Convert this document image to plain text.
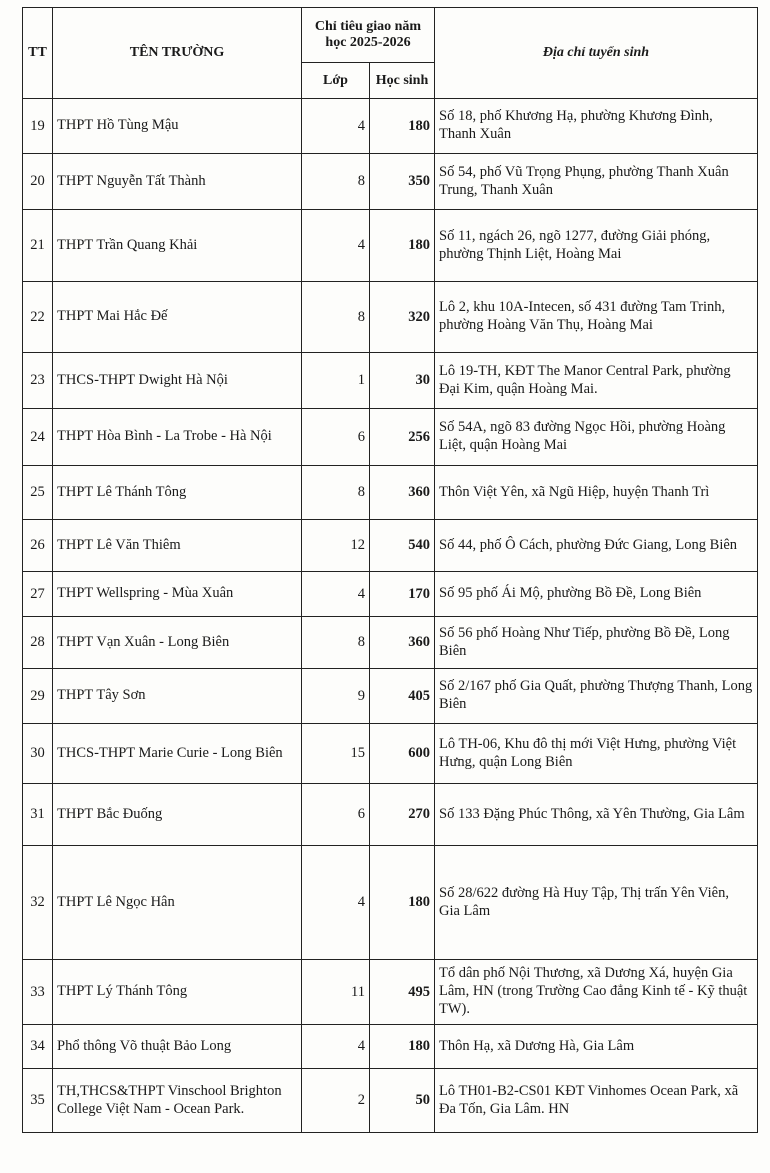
TT	TÊN TRƯỜNG	Chỉ tiêu giao năm học 2025-2026		Địa chỉ tuyển sinh
		Lớp	Học sinh	
19	THPT Hồ Tùng Mậu	4	180	Số 18, phố Khương Hạ, phường Khương Đình, Thanh Xuân
20	THPT Nguyễn Tất Thành	8	350	Số 54, phố Vũ Trọng Phụng, phường Thanh Xuân Trung, Thanh Xuân
21	THPT Trần Quang Khải	4	180	Số 11, ngách 26, ngõ 1277, đường Giải phóng, phường Thịnh Liệt, Hoàng Mai
22	THPT Mai Hắc Đế	8	320	Lô 2, khu 10A-Intecen, số 431 đường Tam Trinh, phường Hoàng Văn Thụ, Hoàng Mai
23	THCS-THPT Dwight Hà Nội	1	30	Lô 19-TH, KĐT The Manor Central Park, phường Đại Kim, quận Hoàng Mai.
24	THPT Hòa Bình - La Trobe - Hà Nội	6	256	Số 54A, ngõ 83 đường Ngọc Hồi, phường Hoàng Liệt, quận Hoàng Mai
25	THPT Lê Thánh Tông	8	360	Thôn Việt Yên, xã Ngũ Hiệp, huyện Thanh Trì
26	THPT Lê Văn Thiêm	12	540	Số 44, phố Ô Cách, phường Đức Giang, Long Biên
27	THPT Wellspring - Mùa Xuân	4	170	Số 95 phố Ái Mộ, phường Bồ Đề, Long Biên
28	THPT Vạn Xuân - Long Biên	8	360	Số 56 phố Hoàng Như Tiếp, phường Bồ Đề, Long Biên
29	THPT Tây Sơn	9	405	Số 2/167 phố Gia Quất, phường Thượng Thanh, Long Biên
30	THCS-THPT Marie Curie - Long Biên	15	600	Lô TH-06, Khu đô thị mới Việt Hưng, phường Việt Hưng, quận Long Biên
31	THPT Bắc Đuống	6	270	Số 133 Đặng Phúc Thông, xã Yên Thường, Gia Lâm
32	THPT Lê Ngọc Hân	4	180	Số 28/622 đường Hà Huy Tập, Thị trấn Yên Viên, Gia Lâm
33	THPT Lý Thánh Tông	11	495	Tổ dân phố Nội Thương, xã Dương Xá, huyện Gia Lâm, HN (trong Trường Cao đẳng Kinh tế - Kỹ thuật TW).
34	Phổ thông Võ thuật Bảo Long	4	180	Thôn Hạ, xã Dương Hà, Gia Lâm
35	TH,THCS&THPT Vinschool Brighton College Việt Nam - Ocean Park.	2	50	Lô TH01-B2-CS01 KĐT Vinhomes Ocean Park, xã Đa Tốn, Gia Lâm. HN
